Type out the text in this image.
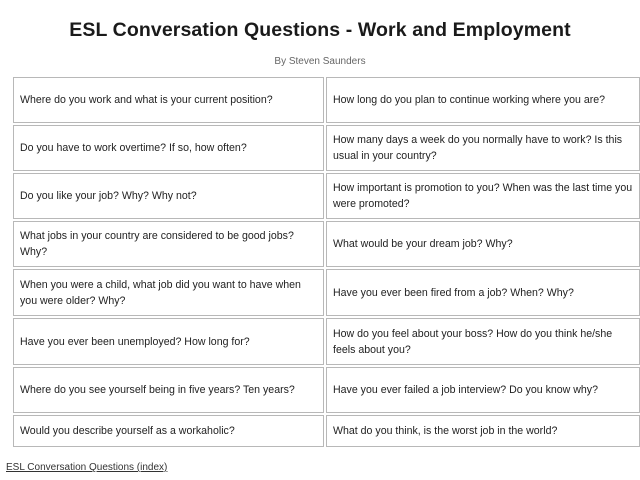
ESL Conversation Questions - Work and Employment
By Steven Saunders
Where do you work and what is your current position?	How long do you plan to continue working where you are?
Do you have to work overtime? If so, how often?	How many days a week do you normally have to work? Is this usual in your country?
Do you like your job? Why? Why not?	How important is promotion to you? When was the last time you were promoted?
What jobs in your country are considered to be good jobs? Why?	What would be your dream job? Why?
When you were a child, what job did you want to have when you were older? Why?	Have you ever been fired from a job? When? Why?
Have you ever been unemployed? How long for?	How do you feel about your boss? How do you think he/she feels about you?
Where do you see yourself being in five years? Ten years?	Have you ever failed a job interview? Do you know why?
Would you describe yourself as a workaholic?	What do you think, is the worst job in the world?
ESL Conversation Questions (index)
